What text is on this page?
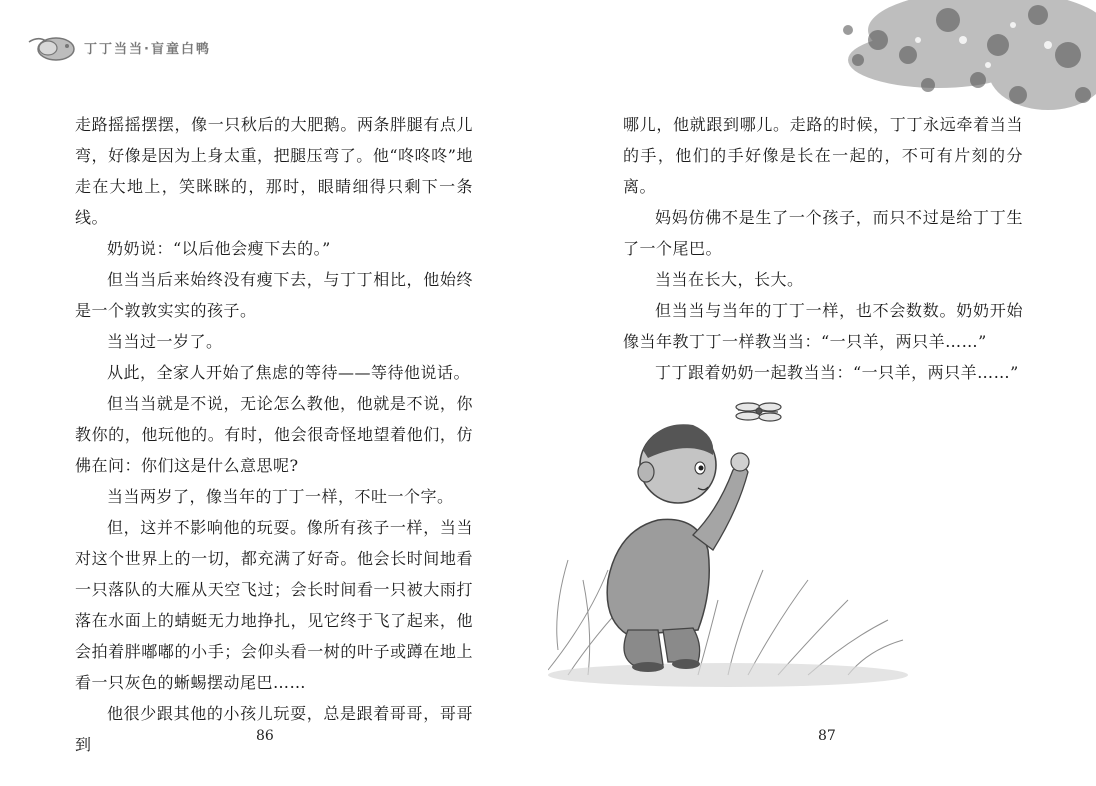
丁丁当当·盲童白鸭

走路摇摇摆摆，像一只秋后的大肥鹅。两条胖腿有点儿弯，好像是因为上身太重，把腿压弯了。他“咚咚咚”地走在大地上，笑眯眯的，那时，眼睛细得只剩下一条线。

奶奶说：“以后他会瘦下去的。”

但当当后来始终没有瘦下去，与丁丁相比，他始终是一个敦敦实实的孩子。

当当过一岁了。

从此，全家人开始了焦虑的等待——等待他说话。

但当当就是不说，无论怎么教他，他就是不说，你教你的，他玩他的。有时，他会很奇怪地望着他们，仿佛在问：你们这是什么意思呢?

当当两岁了，像当年的丁丁一样，不吐一个字。

但，这并不影响他的玩耍。像所有孩子一样，当当对这个世界上的一切，都充满了好奇。他会长时间地看一只落队的大雁从天空飞过；会长时间看一只被大雨打落在水面上的蜻蜓无力地挣扎，见它终于飞了起来，他会拍着胖嘟嘟的小手；会仰头看一树的叶子或蹲在地上看一只灰色的蜥蜴摆动尾巴……

他很少跟其他的小孩儿玩耍，总是跟着哥哥，哥哥到	86

哪儿，他就跟到哪儿。走路的时候，丁丁永远牵着当当的手，他们的手好像是长在一起的，不可有片刻的分离。

妈妈仿佛不是生了一个孩子，而只不过是给丁丁生了一个尾巴。

当当在长大，长大。

但当当与当年的丁丁一样，也不会数数。奶奶开始像当年教丁丁一样教当当：“一只羊，两只羊……”

丁丁跟着奶奶一起教当当：“一只羊，两只羊……”

87
